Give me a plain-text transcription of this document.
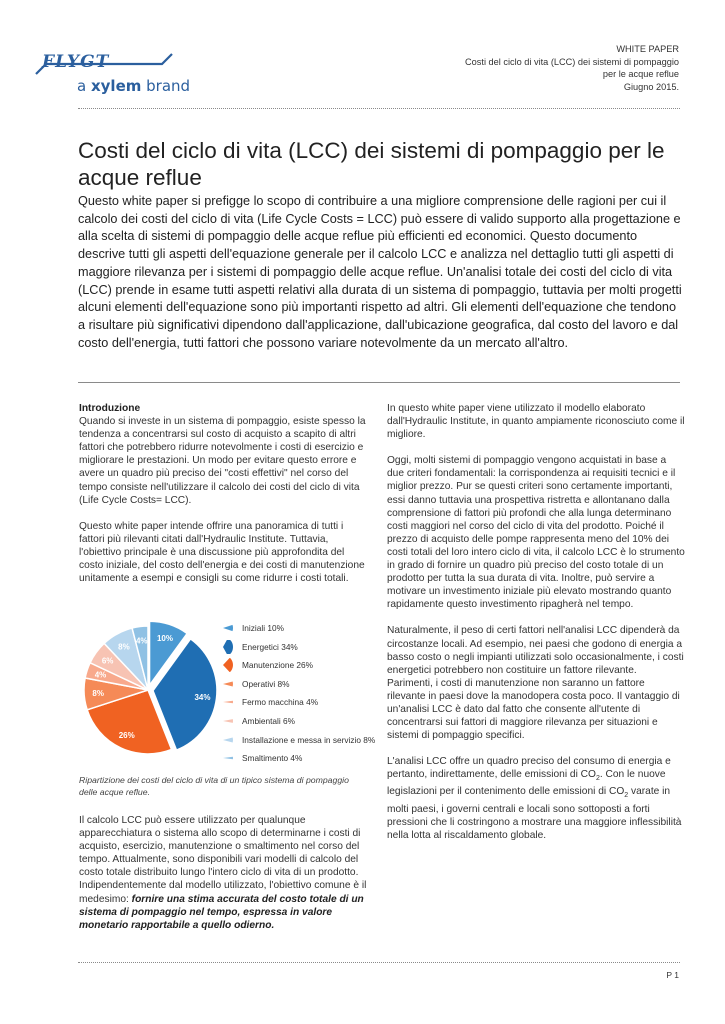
FLYGT
a xylem brand
WHITE PAPER
Costi del ciclo di vita (LCC) dei sistemi di pompaggio
per le acque reflue
Giugno 2015.
Costi del ciclo di vita (LCC) dei sistemi di pompaggio per le acque reflue

Questo white paper si prefigge lo scopo di contribuire a una migliore comprensione delle ragioni per cui il calcolo dei costi del ciclo di vita (Life Cycle Costs = LCC) può essere di valido supporto alla progettazione e alla scelta di sistemi di pompaggio delle acque reflue più efficienti ed economici. Questo documento descrive tutti gli aspetti dell'equazione generale per il calcolo LCC e analizza nel dettaglio tutti gli aspetti di maggiore rilevanza per i sistemi di pompaggio delle acque reflue. Un'analisi totale dei costi del ciclo di vita (LCC) prende in esame tutti aspetti relativi alla durata di un sistema di pompaggio, tuttavia per molti progetti alcuni elementi dell'equazione sono più importanti rispetto ad altri. Gli elementi dell'equazione che tendono a risultare più significativi dipendono dall'applicazione, dall'ubicazione geografica, dal costo del lavoro e dal costo dell'energia, tutti fattori che possono variare notevolmente da un mercato all'altro.

Introduzione

Quando si investe in un sistema di pompaggio, esiste spesso la tendenza a concentrarsi sul costo di acquisto a scapito di altri fattori che potrebbero ridurre notevolmente i costi di esercizio e migliorare le prestazioni. Un modo per evitare questo errore e avere un quadro più preciso dei "costi effettivi" nel corso del tempo consiste nell'utilizzare il calcolo dei costi del ciclo di vita (Life Cycle Costs= LCC).

Questo white paper intende offrire una panoramica di tutti i fattori più rilevanti citati dall'Hydraulic Institute. Tuttavia, l'obiettivo principale è una discussione più approfondita del costo iniziale, del costo dell'energia e dei costi di manutenzione unitamente a esempi e consigli su come ridurre i costi totali.

10%
34%
26%
8%
4%
6%
8%
4%
Iniziali 10%
Energetici 34%
Manutenzione 26%
Operativi 8%
Fermo macchina 4%
Ambientali 6%
Installazione e messa in servizio 8%
Smaltimento 4%
Ripartizione dei costi del ciclo di vita di un tipico sistema di pompaggio delle acque reflue.

Il calcolo LCC può essere utilizzato per qualunque apparecchiatura o sistema allo scopo di determinarne i costi di acquisto, esercizio, manutenzione o smaltimento nel corso del tempo. Attualmente, sono disponibili vari modelli di calcolo del costo totale distribuito lungo l'intero ciclo di vita di un prodotto. Indipendentemente dal modello utilizzato, l'obiettivo comune è il medesimo: fornire una stima accurata del costo totale di un sistema di pompaggio nel tempo, espressa in valore monetario rapportabile a quello odierno.

In questo white paper viene utilizzato il modello elaborato dall'Hydraulic Institute, in quanto ampiamente riconosciuto come il migliore.

Oggi, molti sistemi di pompaggio vengono acquistati in base a due criteri fondamentali: la corrispondenza ai requisiti tecnici e il miglior prezzo. Pur se questi criteri sono certamente importanti, essi danno tuttavia una prospettiva ristretta e allontanano dalla comprensione di fattori più profondi che alla lunga determinano costi maggiori nel corso del ciclo di vita del prodotto. Poiché il prezzo di acquisto delle pompe rappresenta meno del 10% dei costi totali del loro intero ciclo di vita, il calcolo LCC è lo strumento in grado di fornire un quadro più preciso del costo totale di un prodotto per tutta la sua durata di vita. Inoltre, può servire a motivare un investimento iniziale più elevato mostrando quanto rapidamente questo investimento ripagherà nel tempo.

Naturalmente, il peso di certi fattori nell'analisi LCC dipenderà da circostanze locali. Ad esempio, nei paesi che godono di energia a basso costo o negli impianti utilizzati solo occasionalmente, i costi energetici potrebbero non costituire un fattore rilevante. Parimenti, i costi di manutenzione non saranno un fattore rilevante in paesi dove la manodopera costa poco. Il vantaggio di un'analisi LCC è dato dal fatto che consente all'utente di concentrarsi sui fattori di maggiore rilevanza per situazioni e sistemi di pompaggio specifici.

L'analisi LCC offre un quadro preciso del consumo di energia e pertanto, indirettamente, delle emissioni di $CO_2$. Con le nuove legislazioni per il contenimento delle emissioni di $CO_2$ varate in molti paesi, i governi centrali e locali sono sottoposti a forti pressioni che li costringono a mostrare una maggiore inflessibilità nella lotta al riscaldamento globale.

P 1
